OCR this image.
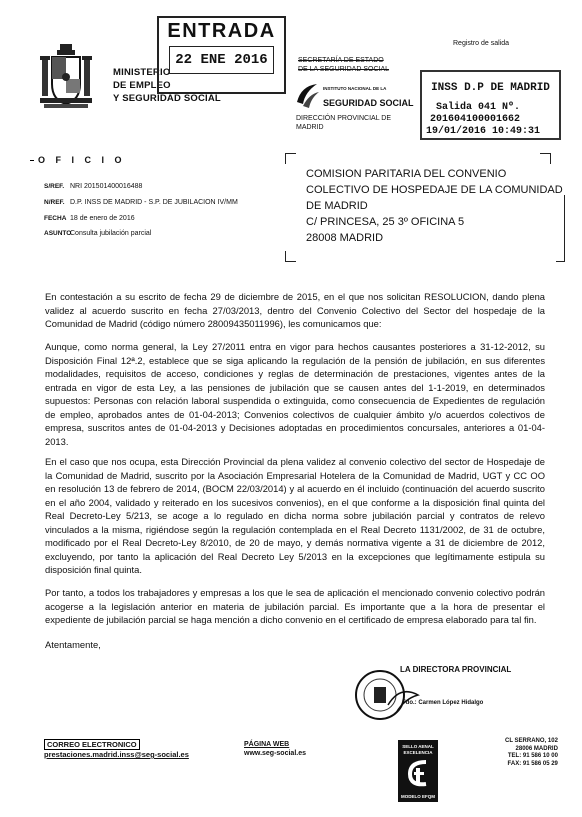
MINISTERIO
DE EMPLEO
Y SEGURIDAD SOCIAL
ENTRADA
22 ENE 2016	SECRETARÍA DE ESTADO
DE LA SEGURIDAD SOCIAL
INSTITUTO NACIONAL DE LA
SEGURIDAD SOCIAL
DIRECCIÓN PROVINCIAL DE
MADRID
Registro de salida
INSS D.P DE MADRID
Salida 041 Nº.
201604100001662
19/01/2016 10:49:31
O F I C I O
S/REF. NRI 201501400016488
N/REF. D.P. INSS DE MADRID - S.P. DE JUBILACION IV/MM
FECHA 18 de enero de 2016
ASUNTOConsulta jubilación parcial
COMISION PARITARIA DEL CONVENIO
COLECTIVO DE HOSPEDAJE DE LA COMUNIDAD
DE MADRID
C/ PRINCESA, 25 3º OFICINA 5
28008 MADRID

En contestación a su escrito de fecha 29 de diciembre de 2015, en el que nos solicitan RESOLUCION, dando plena validez al acuerdo suscrito en fecha 27/03/2013, dentro del Convenio Colectivo del Sector del hospedaje de la Comunidad de Madrid (código número 28009435011996), les comunicamos que:

Aunque, como norma general, la Ley 27/2011 entra en vigor para hechos causantes posteriores a 31-12-2012, su Disposición Final 12ª.2, establece que se siga aplicando la regulación de la pensión de jubilación, en sus diferentes modalidades, requisitos de acceso, condiciones y reglas de determinación de prestaciones, vigentes antes de la entrada en vigor de esta Ley, a las pensiones de jubilación que se causen antes del 1-1-2019, en determinados supuestos: Personas con relación laboral suspendida o extinguida, como consecuencia de Expedientes de regulación de empleo, aprobados antes de 01-04-2013; Convenios colectivos de cualquier ámbito y/o acuerdos colectivos de empresa, suscritos antes de 01-04-2013 y Decisiones adoptadas en procedimientos concursales, anteriores a 01-04-2013.

En el caso que nos ocupa, esta Dirección Provincial da plena validez al convenio colectivo del sector de Hospedaje de la Comunidad de Madrid, suscrito por la Asociación Empresarial Hotelera de la Comunidad de Madrid, UGT y CC OO en resolución 13 de febrero de 2014, (BOCM 22/03/2014) y al acuerdo en él incluido (continuación del acuerdo suscrito en el año 2004, validado y reiterado en los sucesivos convenios), en el que conforme a la disposición final quinta del Real Decreto-Ley 5/213, se acoge a lo regulado en dicha norma sobre jubilación parcial y contratos de relevo vinculados a la misma, rigiéndose según la regulación contemplada en el Real Decreto 1131/2002, de 31 de octubre, modificado por el Real Decreto-Ley 8/2010, de 20 de mayo, y demás normativa vigente a 31 de diciembre de 2012, excluyendo, por tanto la aplicación del Real Decreto Ley 5/2013 en la excepciones que legítimamente estipula su disposición final quinta.

Por tanto, a todos los trabajadores y empresas a los que le sea de aplicación el mencionado convenio colectivo podrán acogerse a la legislación anterior en materia de jubilación parcial. Es importante que a la hora de presentar el expediente de jubilación parcial se haga mención a dicho convenio en el certificado de empresa elaborado para tal fin.

Atentamente,

LA DIRECTORA PROVINCIAL
Fdo.: Carmen López Hidalgo
CORREO ELECTRONICO
prestaciones.madrid.inss@seg-social.es
PÁGINA WEB
www.seg-social.es
SELLO AENAL
EXCELENCIA
MODELO EFQM
CL SERRANO, 102
28006 MADRID
TEL: 91 586 10 00
FAX: 91 586 05 29
